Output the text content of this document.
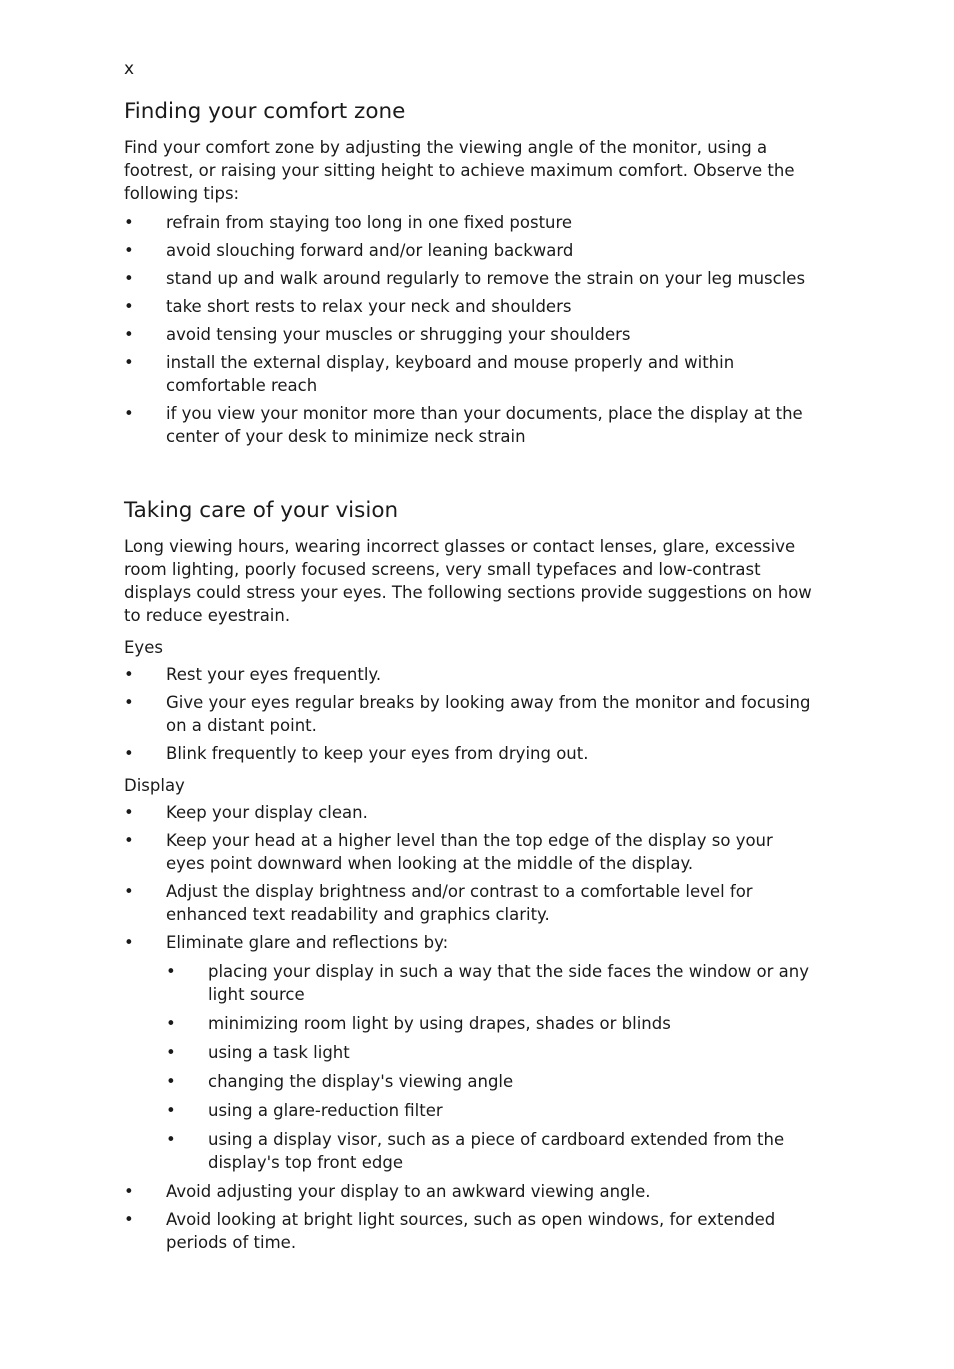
x
Finding your comfort zone

Find your comfort zone by adjusting the viewing angle of the monitor, using a footrest, or raising your sitting height to achieve maximum comfort. Observe the following tips:

• refrain from staying too long in one fixed posture
• avoid slouching forward and/or leaning backward
• stand up and walk around regularly to remove the strain on your leg muscles
• take short rests to relax your neck and shoulders
• avoid tensing your muscles or shrugging your shoulders
• install the external display, keyboard and mouse properly and within comfortable reach
• if you view your monitor more than your documents, place the display at the center of your desk to minimize neck strain
Taking care of your vision

Long viewing hours, wearing incorrect glasses or contact lenses, glare, excessive room lighting, poorly focused screens, very small typefaces and low-contrast displays could stress your eyes. The following sections provide suggestions on how to reduce eyestrain.

Eyes
• Rest your eyes frequently.
• Give your eyes regular breaks by looking away from the monitor and focusing on a distant point.
• Blink frequently to keep your eyes from drying out.
Display
• Keep your display clean.
• Keep your head at a higher level than the top edge of the display so your eyes point downward when looking at the middle of the display.
• Adjust the display brightness and/or contrast to a comfortable level for enhanced text readability and graphics clarity.
• Eliminate glare and reflections by:
• placing your display in such a way that the side faces the window or any light source
• minimizing room light by using drapes, shades or blinds
• using a task light
• changing the display's viewing angle
• using a glare-reduction filter
• using a display visor, such as a piece of cardboard extended from the display's top front edge
• Avoid adjusting your display to an awkward viewing angle.
• Avoid looking at bright light sources, such as open windows, for extended periods of time.
